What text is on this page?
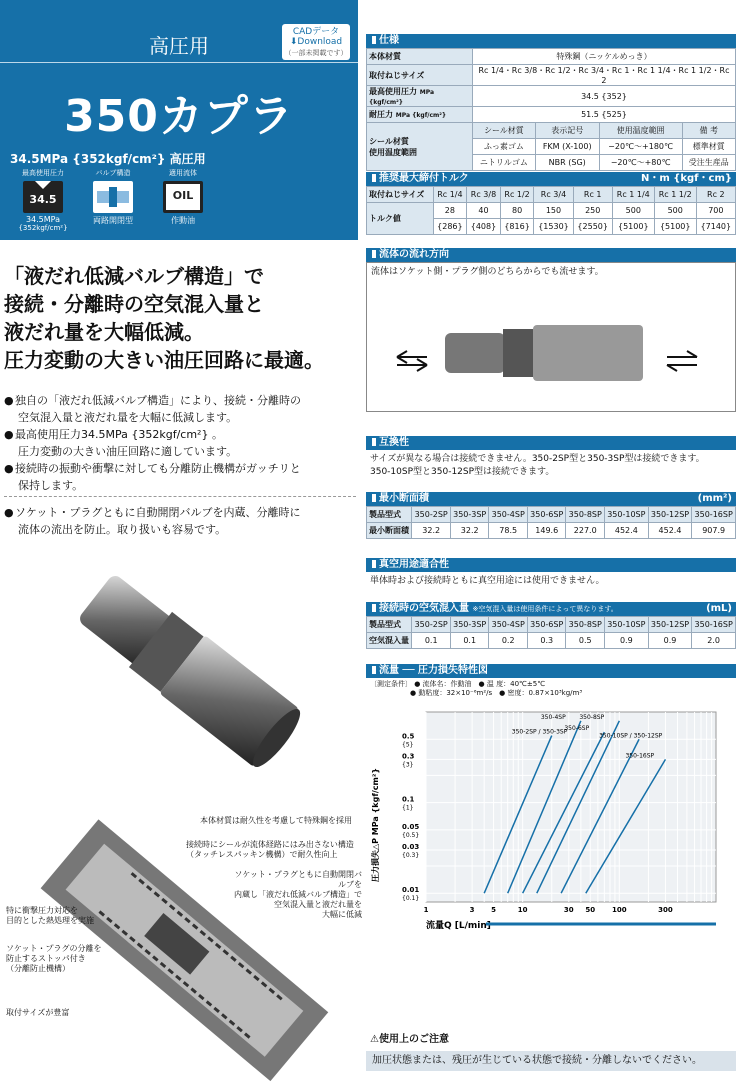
高圧用
350カプラ
CADデータ
⬇Download
（一部未掲載です）
34.5MPa {352kgf/cm²} 高圧用
最高使用圧力
34.5
34.5MPa
{352kgf/cm²}
バルブ構造
両路開閉型
適用流体
OIL
作動油
「液だれ低減バルブ構造」で
接続・分離時の空気混入量と
液だれ量を大幅低減。
圧力変動の大きい油圧回路に最適。
●独自の「液だれ低減バルブ構造」により、接続・分離時の
空気混入量と液だれ量を大幅に低減します。
●最高使用圧力34.5MPa {352kgf/cm²} 。
圧力変動の大きい油圧回路に適しています。
●接続時の振動や衝撃に対しても分離防止機構がガッチリと
保持します。
●ソケット・プラグともに自動開閉バルブを内蔵、分離時に
流体の流出を防止。取り扱いも容易です。
本体材質は耐久性を考慮して特殊鋼を採用
接続時にシールが流体経路にはみ出さない構造
（タッチレスパッキン機構）で耐久性向上
ソケット・プラグともに自動開閉バルブを
内蔵し「液だれ低減バルブ構造」で
空気混入量と液だれ量を
大幅に低減
特に衝撃圧力対応を
目的とした熱処理を実施
ソケット・プラグの分離を
防止するストッパ付き
（分離防止機構）
取付サイズが豊富
仕様
本体材質	特殊鋼（ニッケルめっき）			
取付ねじサイズ	Rc 1/4・Rc 3/8・Rc 1/2・Rc 3/4・Rc 1・Rc 1 1/4・Rc 1 1/2・Rc 2			
最高使用圧力 MPa {kgf/cm²}	34.5 {352}			
耐圧力 MPa {kgf/cm²}	51.5 {525}			
シール材質
使用温度範囲	シール材質	表示記号	使用温度範囲	備 考
	ふっ素ゴム	FKM (X-100)	−20℃〜+180℃	標準材質
	ニトリルゴム	NBR (SG)	−20℃〜+80℃	受注生産品
推奨最大締付トルク	N・m {kgf・cm}
取付ねじサイズ	Rc 1/4	Rc 3/8	Rc 1/2	Rc 3/4	Rc 1	Rc 1 1/4	Rc 1 1/2	Rc 2
トルク値	28	40	80	150	250	500	500	700
	{286}	{408}	{816}	{1530}	{2550}	{5100}	{5100}	{7140}
流体の流れ方向
流体はソケット側・プラグ側のどちらからでも流せます。
互換性
サイズが異なる場合は接続できません。350-2SP型と350-3SP型は接続できます。
350-10SP型と350-12SP型は接続できます。
最小断面積	(mm²)
製品型式	350-2SP	350-3SP	350-4SP	350-6SP	350-8SP	350-10SP	350-12SP	350-16SP
最小断面積	32.2	32.2	78.5	149.6	227.0	452.4	452.4	907.9
真空用途適合性
単体時および接続時ともに真空用途には使用できません。
接続時の空気混入量 ※空気混入量は使用条件によって異なります。	(mL)
製品型式	350-2SP	350-3SP	350-4SP	350-6SP	350-8SP	350-10SP	350-12SP	350-16SP
空気混入量	0.1	0.1	0.2	0.3	0.5	0.9	0.9	2.0
流量 ── 圧力損失特性図
〔測定条件〕 ● 流体名：作動油　● 温 度：40℃±5℃
● 動粘度：32×10⁻⁶m²/s　● 密度：0.87×10³kg/m³
1	3 5	10	30 50 100	300
0.5
{5}
0.3
{3}
0.1
{1}
0.05
{0.5}
0.03
{0.3}
0.01
{0.1}
350-2SP / 350-3SP
350-4SP
350-6SP
350-8SP
350-10SP / 350-12SP
350-16SP
圧力損失△P MPa {kgf/cm²}
流量Q [L/min]
⚠使用上のご注意
加圧状態または、残圧が生じている状態で接続・分離しないでください。
